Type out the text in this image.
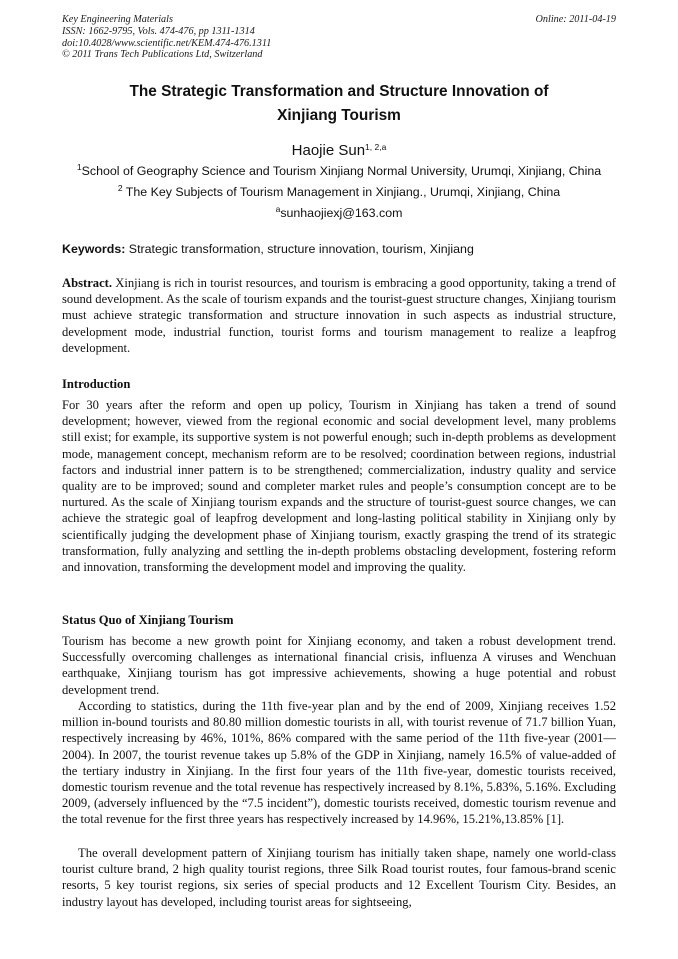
Key Engineering Materials
ISSN: 1662-9795, Vols. 474-476, pp 1311-1314
doi:10.4028/www.scientific.net/KEM.474-476.1311
© 2011 Trans Tech Publications Ltd, Switzerland
Online: 2011-04-19
The Strategic Transformation and Structure Innovation of
Xinjiang Tourism
Haojie Sun$^{1, 2,a}$
$^1$School of Geography Science and Tourism Xinjiang Normal University, Urumqi, Xinjiang, China
$^2$ The Key Subjects of Tourism Management in Xinjiang., Urumqi, Xinjiang, China
$^a$sunhaojiexj@163.com
Keywords: Strategic transformation, structure innovation, tourism, Xinjiang
Abstract. Xinjiang is rich in tourist resources, and tourism is embracing a good opportunity, taking a trend of sound development. As the scale of tourism expands and the tourist-guest structure changes, Xinjiang tourism must achieve strategic transformation and structure innovation in such aspects as industrial structure, development mode, industrial function, tourist forms and tourism management to realize a leapfrog development.
Introduction
For 30 years after the reform and open up policy, Tourism in Xinjiang has taken a trend of sound development; however, viewed from the regional economic and social development level, many problems still exist; for example, its supportive system is not powerful enough; such in-depth problems as development mode, management concept, mechanism reform are to be resolved; coordination between regions, industrial factors and industrial inner pattern is to be strengthened; commercialization, industry quality and service quality are to be improved; sound and completer market rules and people’s consumption concept are to be nurtured. As the scale of Xinjiang tourism expands and the structure of tourist-guest source changes, we can achieve the strategic goal of leapfrog development and long-lasting political stability in Xinjiang only by scientifically judging the development phase of Xinjiang tourism, exactly grasping the trend of its strategic transformation, fully analyzing and settling the in-depth problems obstacling development, fostering reform and innovation, transforming the development model and improving the quality.
Status Quo of Xinjiang Tourism
Tourism has become a new growth point for Xinjiang economy, and taken a robust development trend. Successfully overcoming challenges as international financial crisis, influenza A viruses and Wenchuan earthquake, Xinjiang tourism has got impressive achievements, showing a huge potential and robust development trend.
According to statistics, during the 11th five-year plan and by the end of 2009, Xinjiang receives 1.52 million in-bound tourists and 80.80 million domestic tourists in all, with tourist revenue of 71.7 billion Yuan, respectively increasing by 46%, 101%, 86% compared with the same period of the 11th five-year (2001—2004). In 2007, the tourist revenue takes up 5.8% of the GDP in Xinjiang, namely 16.5% of value-added of the tertiary industry in Xinjiang. In the first four years of the 11th five-year, domestic tourists received, domestic tourism revenue and the total revenue has respectively increased by 8.1%, 5.83%, 5.16%. Excluding 2009, (adversely influenced by the “7.5 incident”), domestic tourists received, domestic tourism revenue and the total revenue for the first three years has respectively increased by 14.96%, 15.21%,13.85% [1].
The overall development pattern of Xinjiang tourism has initially taken shape, namely one world-class tourist culture brand, 2 high quality tourist regions, three Silk Road tourist routes, four famous-brand scenic resorts, 5 key tourist regions, six series of special products and 12 Excellent Tourism City. Besides, an industry layout has developed, including tourist areas for sightseeing,
